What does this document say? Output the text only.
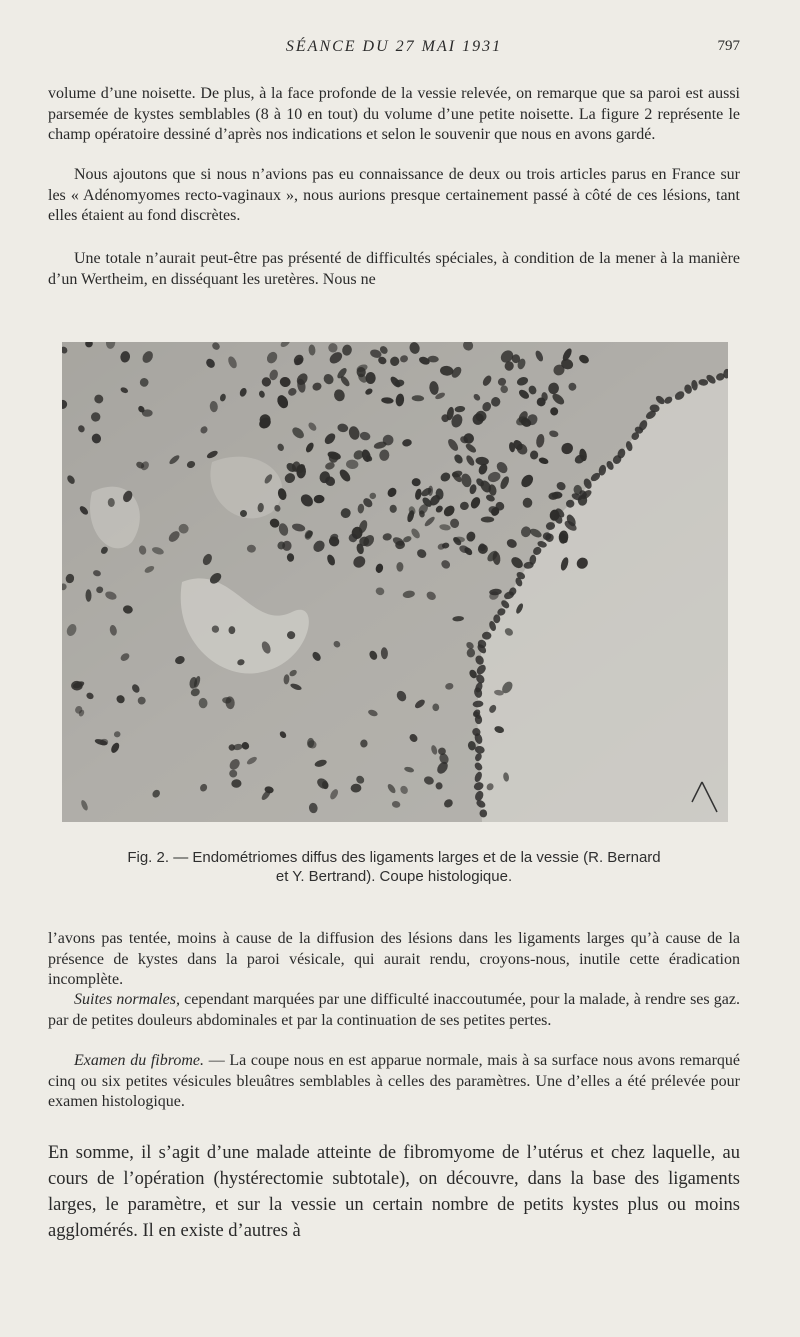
SÉANCE DU 27 MAI 1931	797

volume d’une noisette. De plus, à la face profonde de la vessie relevée, on remarque que sa paroi est aussi parsemée de kystes semblables (8 à 10 en tout) du volume d’une petite noisette. La figure 2 représente le champ opératoire dessiné d’après nos indications et selon le souvenir que nous en avons gardé.

Nous ajoutons que si nous n’avions pas eu connaissance de deux ou trois articles parus en France sur les « Adénomyomes recto-vaginaux », nous aurions presque certainement passé à côté de ces lésions, tant elles étaient au fond discrètes.

Une totale n’aurait peut-être pas présenté de difficultés spéciales, à condition de la mener à la manière d’un Wertheim, en disséquant les uretères. Nous ne

Fig. 2. — Endométriomes diffus des ligaments larges et de la vessie (R. Bernard
et Y. Bertrand). Coupe histologique.

l’avons pas tentée, moins à cause de la diffusion des lésions dans les ligaments larges qu’à cause de la présence de kystes dans la paroi vésicale, qui aurait rendu, croyons-nous, inutile cette éradication incomplète.

Suites normales, cependant marquées par une difficulté inaccoutumée, pour la malade, à rendre ses gaz. par de petites douleurs abdominales et par la continuation de ses petites pertes.

Examen du fibrome. — La coupe nous en est apparue normale, mais à sa surface nous avons remarqué cinq ou six petites vésicules bleuâtres semblables à celles des paramètres. Une d’elles a été prélevée pour examen histologique.

En somme, il s’agit d’une malade atteinte de fibromyome de l’utérus et chez laquelle, au cours de l’opération (hystérectomie subtotale), on découvre, dans la base des ligaments larges, le paramètre, et sur la vessie un certain nombre de petits kystes plus ou moins agglomérés. Il en existe d’autres à
